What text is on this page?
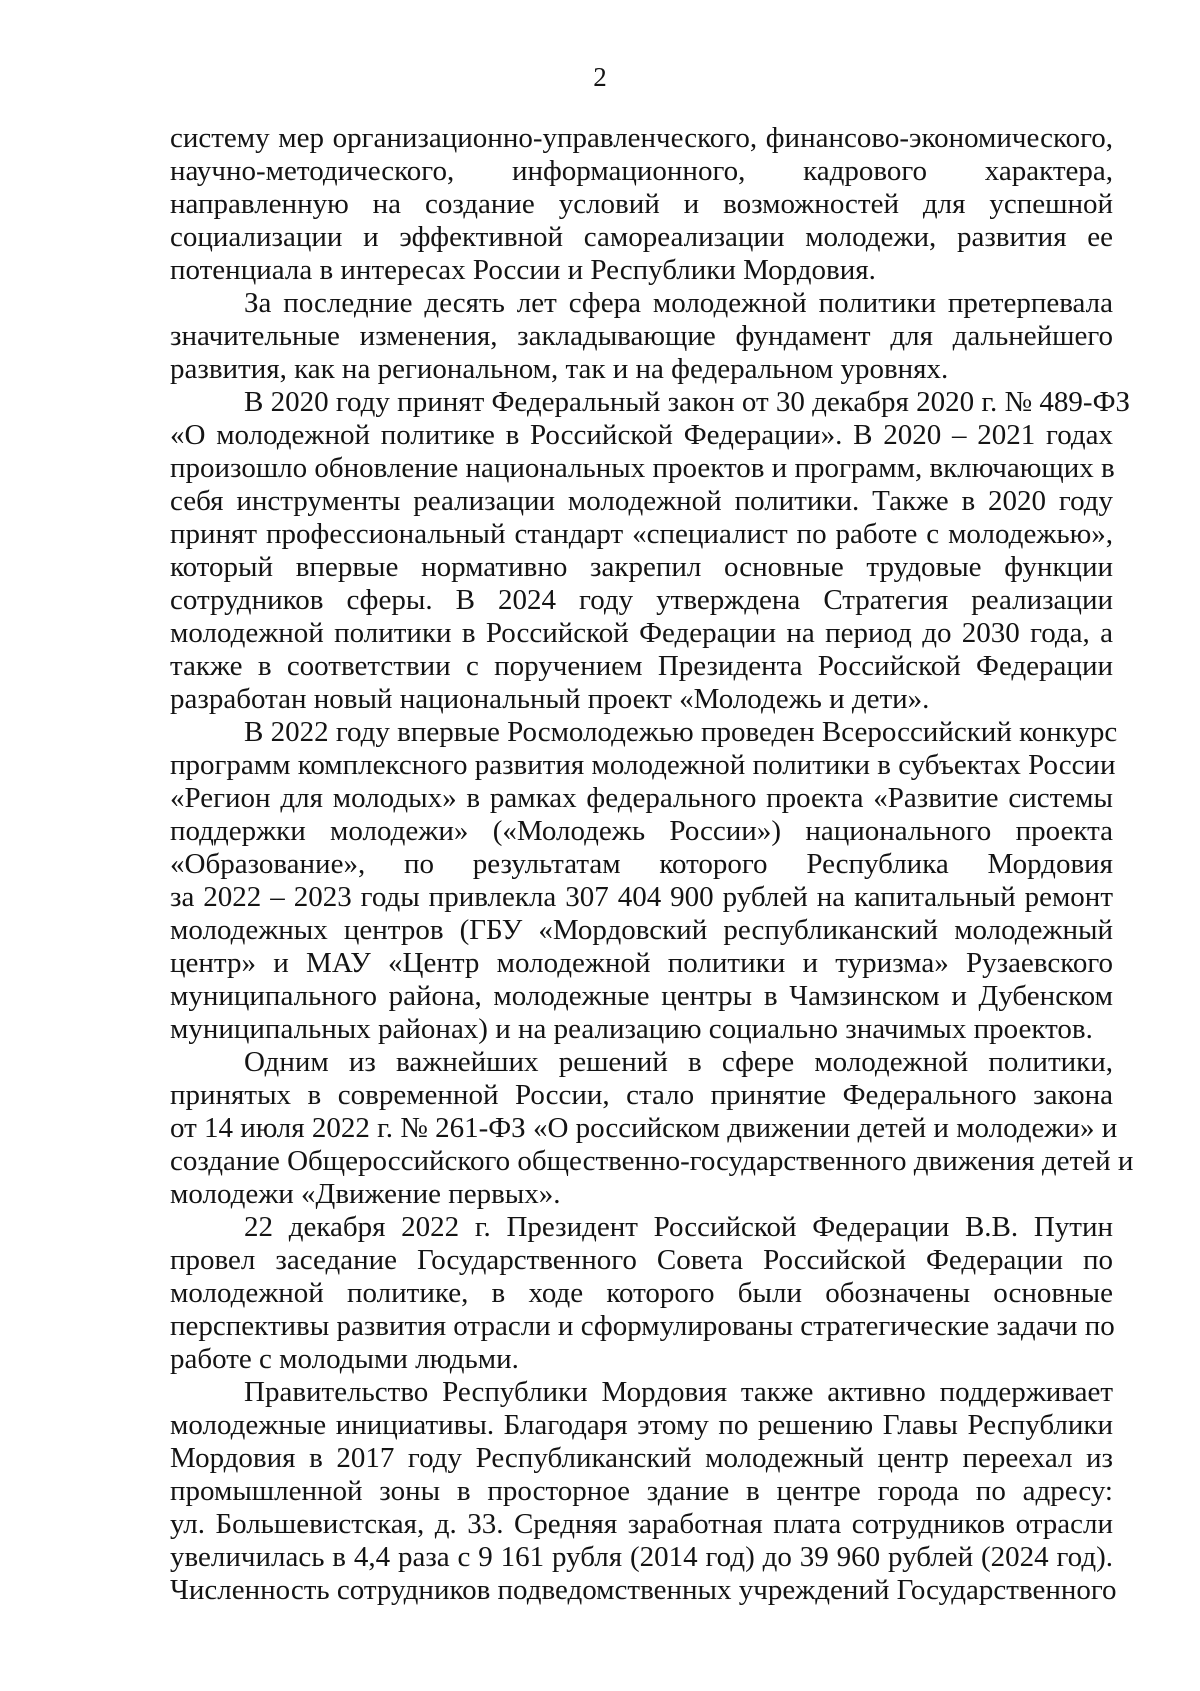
2
систему мер организационно-управленческого, финансово-экономического,
научно-методического, информационного, кадрового характера,
направленную на создание условий и возможностей для успешной
социализации и эффективной самореализации молодежи, развития ее
потенциала в интересах России и Республики Мордовия.
За последние десять лет сфера молодежной политики претерпевала
значительные изменения, закладывающие фундамент для дальнейшего
развития, как на региональном, так и на федеральном уровнях.
В 2020 году принят Федеральный закон от 30 декабря 2020 г. № 489-ФЗ
«О молодежной политике в Российской Федерации». В 2020 – 2021 годах
произошло обновление национальных проектов и программ, включающих в
себя инструменты реализации молодежной политики. Также в 2020 году
принят профессиональный стандарт «специалист по работе с молодежью»,
который впервые нормативно закрепил основные трудовые функции
сотрудников сферы. В 2024 году утверждена Стратегия реализации
молодежной политики в Российской Федерации на период до 2030 года, а
также в соответствии с поручением Президента Российской Федерации
разработан новый национальный проект «Молодежь и дети».
В 2022 году впервые Росмолодежью проведен Всероссийский конкурс
программ комплексного развития молодежной политики в субъектах России
«Регион для молодых» в рамках федерального проекта «Развитие системы
поддержки молодежи» («Молодежь России») национального проекта
«Образование», по результатам которого Республика Мордовия
за 2022 – 2023 годы привлекла 307 404 900 рублей на капитальный ремонт
молодежных центров (ГБУ «Мордовский республиканский молодежный
центр» и МАУ «Центр молодежной политики и туризма» Рузаевского
муниципального района, молодежные центры в Чамзинском и Дубенском
муниципальных районах) и на реализацию социально значимых проектов.
Одним из важнейших решений в сфере молодежной политики,
принятых в современной России, стало принятие Федерального закона
от 14 июля 2022 г. № 261-ФЗ «О российском движении детей и молодежи» и
создание Общероссийского общественно-государственного движения детей и
молодежи «Движение первых».
22 декабря 2022 г. Президент Российской Федерации В.В. Путин
провел заседание Государственного Совета Российской Федерации по
молодежной политике, в ходе которого были обозначены основные
перспективы развития отрасли и сформулированы стратегические задачи по
работе с молодыми людьми.
Правительство Республики Мордовия также активно поддерживает
молодежные инициативы. Благодаря этому по решению Главы Республики
Мордовия в 2017 году Республиканский молодежный центр переехал из
промышленной зоны в просторное здание в центре города по адресу:
ул. Большевистская, д. 33. Средняя заработная плата сотрудников отрасли
увеличилась в 4,4 раза с 9 161 рубля (2014 год) до 39 960 рублей (2024 год).
Численность сотрудников подведомственных учреждений Государственного
